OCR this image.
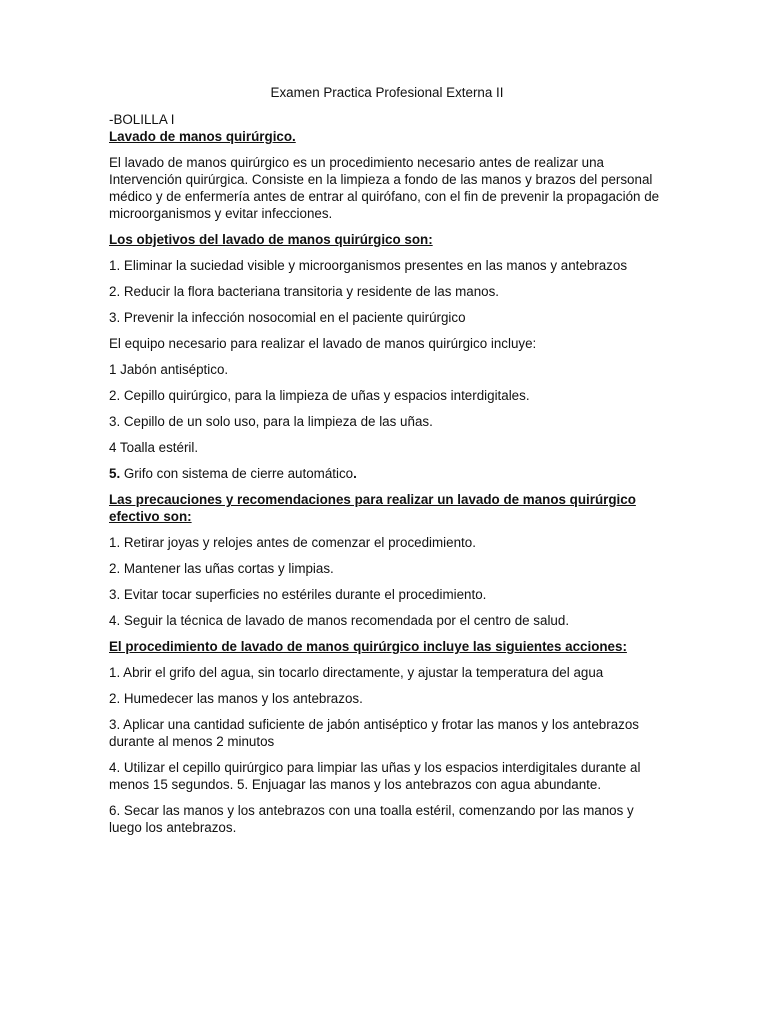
Examen Practica Profesional Externa II

-BOLILLA I

Lavado de manos quirúrgico.

El lavado de manos quirúrgico es un procedimiento necesario antes de realizar una Intervención quirúrgica. Consiste en la limpieza a fondo de las manos y brazos del personal médico y de enfermería antes de entrar al quirófano, con el fin de prevenir la propagación de microorganismos y evitar infecciones.

Los objetivos del lavado de manos quirúrgico son:

1. Eliminar la suciedad visible y microorganismos presentes en las manos y antebrazos

2. Reducir la flora bacteriana transitoria y residente de las manos.

3. Prevenir la infección nosocomial en el paciente quirúrgico

El equipo necesario para realizar el lavado de manos quirúrgico incluye:

1 Jabón antiséptico.

2. Cepillo quirúrgico, para la limpieza de uñas y espacios interdigitales.

3. Cepillo de un solo uso, para la limpieza de las uñas.

4 Toalla estéril.

5. Grifo con sistema de cierre automático.

Las precauciones y recomendaciones para realizar un lavado de manos quirúrgico efectivo son:

1. Retirar joyas y relojes antes de comenzar el procedimiento.

2. Mantener las uñas cortas y limpias.

3. Evitar tocar superficies no estériles durante el procedimiento.

4. Seguir la técnica de lavado de manos recomendada por el centro de salud.

El procedimiento de lavado de manos quirúrgico incluye las siguientes acciones:

1. Abrir el grifo del agua, sin tocarlo directamente, y ajustar la temperatura del agua

2. Humedecer las manos y los antebrazos.

3. Aplicar una cantidad suficiente de jabón antiséptico y frotar las manos y los antebrazos durante al menos 2 minutos

4. Utilizar el cepillo quirúrgico para limpiar las uñas y los espacios interdigitales durante al menos 15 segundos. 5. Enjuagar las manos y los antebrazos con agua abundante.

6. Secar las manos y los antebrazos con una toalla estéril, comenzando por las manos y luego los antebrazos.
